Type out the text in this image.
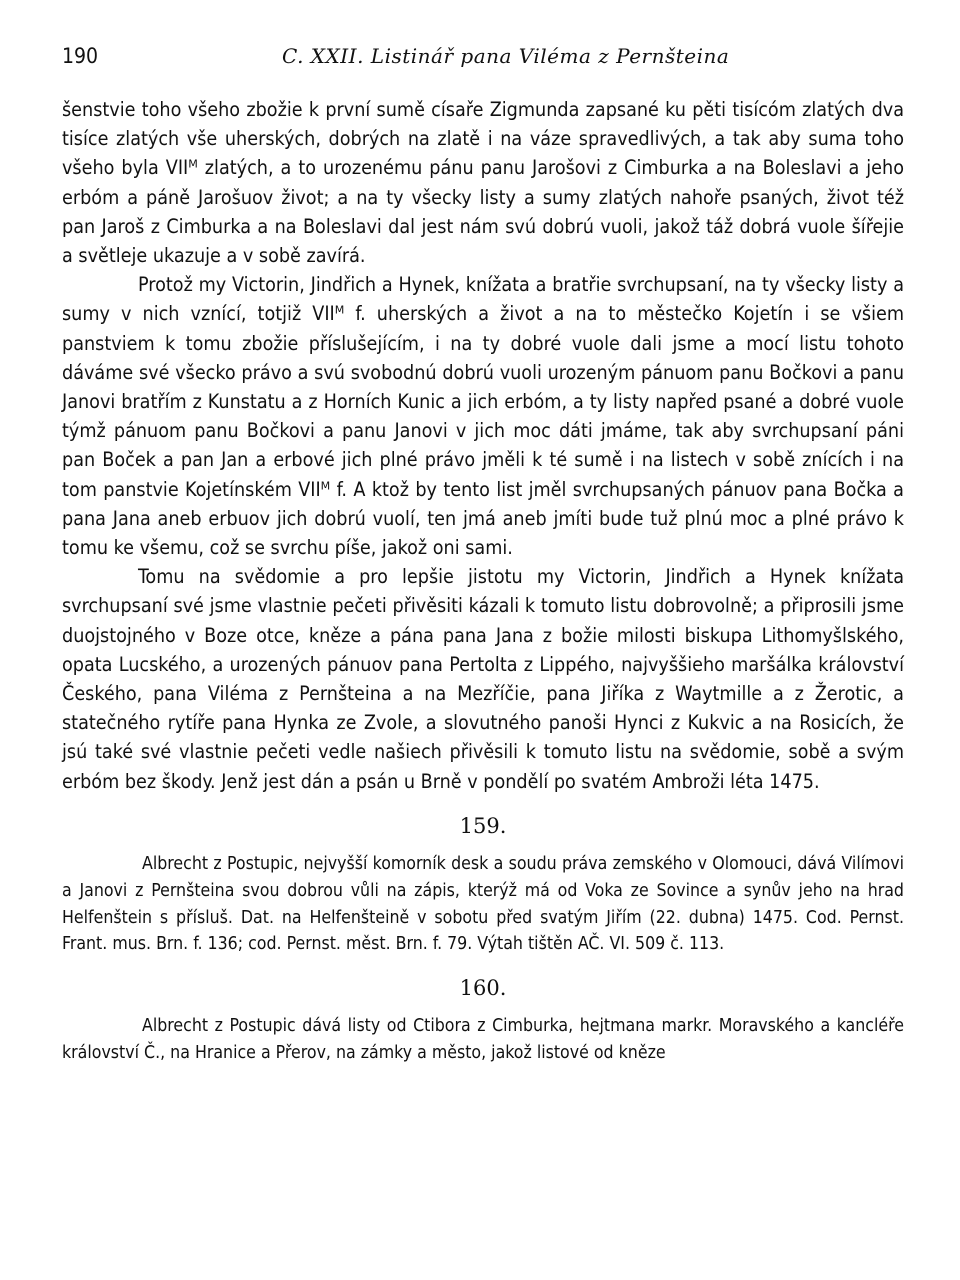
190	C. XXII. Listinář pana Viléma z Pernšteina

šenstvie toho všeho zbožie k první sumě císaře Zigmunda zapsané ku pěti tisícóm zlatých dva tisíce zlatých vše uherských, dobrých na zlatě i na váze spravedlivých, a tak aby suma toho všeho byla VIIᴹ zlatých, a to urozenému pánu panu Jarošovi z Cimburka a na Boleslavi a jeho erbóm a páně Jarošuov život; a na ty všecky listy a sumy zlatých nahoře psaných, život též pan Jaroš z Cimburka a na Boleslavi dal jest nám svú dobrú vuoli, jakož táž dobrá vuole šířejie a světleje ukazuje a v sobě zavírá.

Protož my Victorin, Jindřich a Hynek, knížata a bratřie svrchupsaní, na ty všecky listy a sumy v nich vznící, totjiž VIIᴹ f. uherských a život a na to městečko Kojetín i se všiem panstviem k tomu zbožie příslušejícím, i na ty dobré vuole dali jsme a mocí listu tohoto dáváme své všecko právo a svú svobodnú dobrú vuoli urozeným pánuom panu Bočkovi a panu Janovi bratřím z Kunstatu a z Horních Kunic a jich erbóm, a ty listy napřed psané a dobré vuole týmž pánuom panu Bočkovi a panu Janovi v jich moc dáti jmáme, tak aby svrchupsaní páni pan Boček a pan Jan a erbové jich plné právo jměli k té sumě i na listech v sobě znících i na tom panstvie Kojetínském VIIᴹ f. A ktož by tento list jměl svrchupsaných pánuov pana Bočka a pana Jana aneb erbuov jich dobrú vuolí, ten jmá aneb jmíti bude tuž plnú moc a plné právo k tomu ke všemu, což se svrchu píše, jakož oni sami.

Tomu na svědomie a pro lepšie jistotu my Victorin, Jindřich a Hynek knížata svrchupsaní své jsme vlastnie pečeti přivěsiti kázali k tomuto listu dobrovolně; a připrosili jsme duojstojného v Boze otce, kněze a pána pana Jana z božie milosti biskupa Lithomyšlského, opata Lucského, a urozených pánuov pana Pertolta z Lippého, najvyššieho maršálka království Českého, pana Viléma z Pernšteina a na Mezříčie, pana Jiříka z Waytmille a z Žerotic, a statečného rytíře pana Hynka ze Zvole, a slovutného panoši Hynci z Kukvic a na Rosicích, že jsú také své vlastnie pečeti vedle našiech přivěsili k tomuto listu na svědomie, sobě a svým erbóm bez škody. Jenž jest dán a psán u Brně v pondělí po svatém Ambroži léta 1475.

159.

Albrecht z Postupic, nejvyšší komorník desk a soudu práva zemského v Olomouci, dává Vilímovi a Janovi z Pernšteina svou dobrou vůli na zápis, kterýž má od Voka ze Sovince a synův jeho na hrad Helfenštein s přísluš. Dat. na Helfenšteině v sobotu před svatým Jiřím (22. dubna) 1475. Cod. Pernst. Frant. mus. Brn. f. 136; cod. Pernst. měst. Brn. f. 79. Výtah tištěn AČ. VI. 509 č. 113.

160.

Albrecht z Postupic dává listy od Ctibora z Cimburka, hejtmana markr. Moravského a kancléře království Č., na Hranice a Přerov, na zámky a město, jakož listové od kněze
